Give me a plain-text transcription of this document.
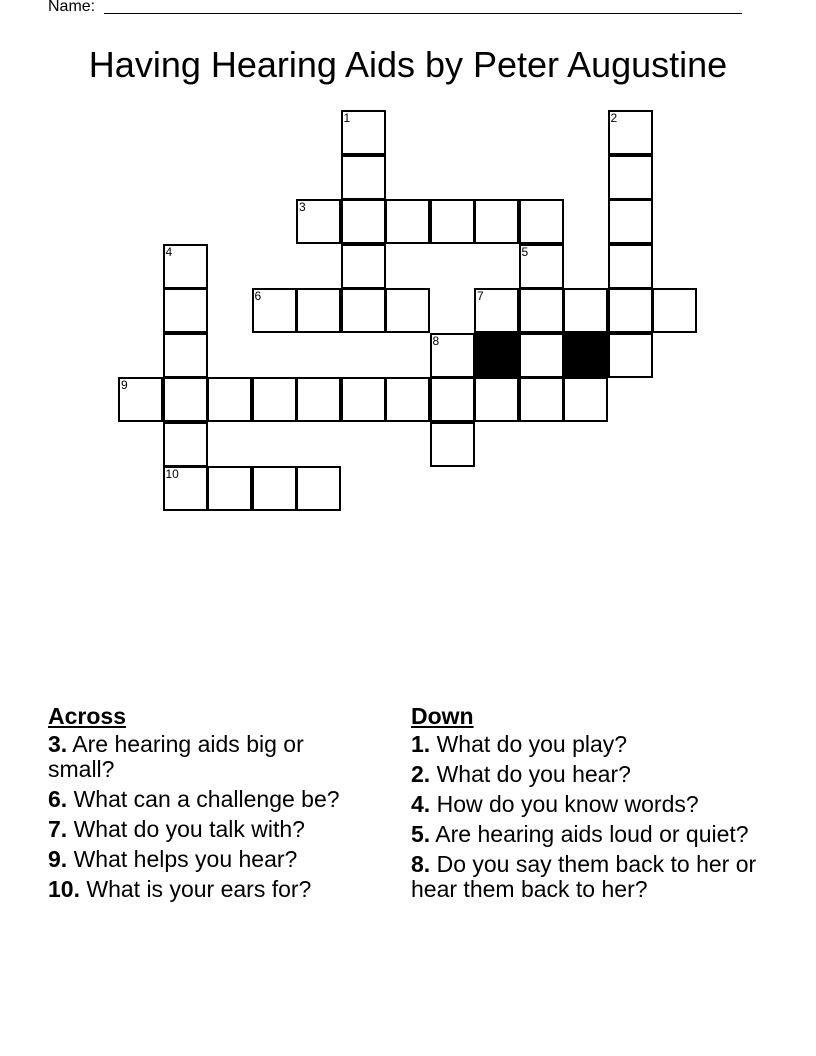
Name:
Having Hearing Aids by Peter Augustine
1	2
3
4	5
6	7
8
9
10
Across
3. Are hearing aids big or small?
6. What can a challenge be?
7. What do you talk with?
9. What helps you hear?
10. What is your ears for?
Down
1. What do you play?
2. What do you hear?
4. How do you know words?
5. Are hearing aids loud or quiet?
8. Do you say them back to her or hear them back to her?
